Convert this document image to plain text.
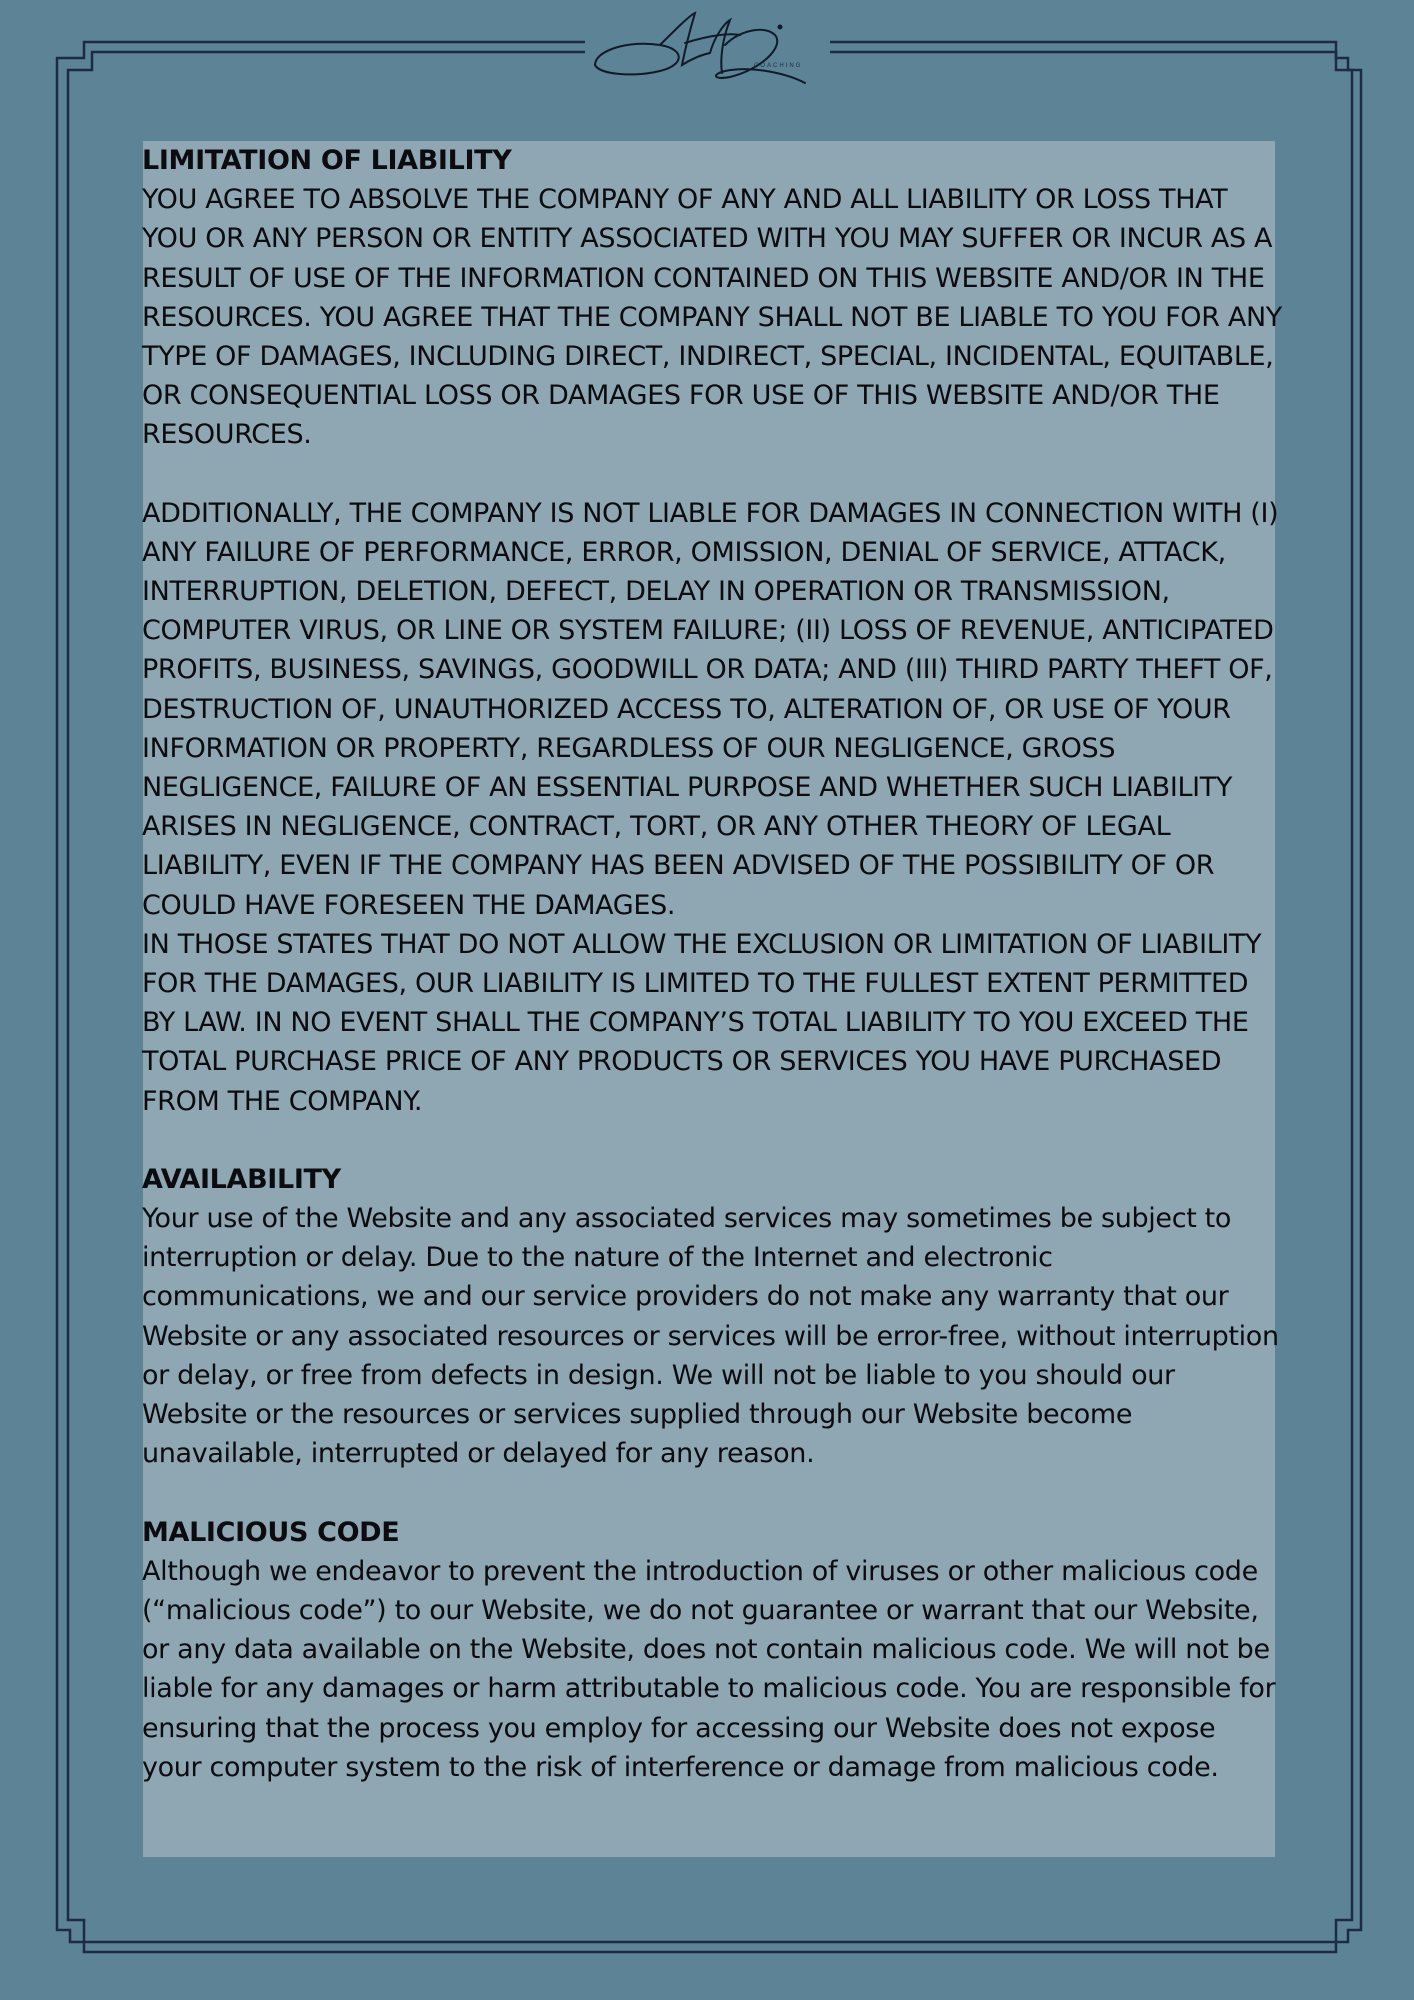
COACHING
LIMITATION OF LIABILITY
YOU AGREE TO ABSOLVE THE COMPANY OF ANY AND ALL LIABILITY OR LOSS THAT YOU OR ANY PERSON OR ENTITY ASSOCIATED WITH YOU MAY SUFFER OR INCUR AS A RESULT OF USE OF THE INFORMATION CONTAINED ON THIS WEBSITE AND/OR IN THE RESOURCES. YOU AGREE THAT THE COMPANY SHALL NOT BE LIABLE TO YOU FOR ANY TYPE OF DAMAGES, INCLUDING DIRECT, INDIRECT, SPECIAL, INCIDENTAL, EQUITABLE, OR CONSEQUENTIAL LOSS OR DAMAGES FOR USE OF THIS WEBSITE AND/OR THE RESOURCES.
ADDITIONALLY, THE COMPANY IS NOT LIABLE FOR DAMAGES IN CONNECTION WITH (I) ANY FAILURE OF PERFORMANCE, ERROR, OMISSION, DENIAL OF SERVICE, ATTACK, INTERRUPTION, DELETION, DEFECT, DELAY IN OPERATION OR TRANSMISSION, COMPUTER VIRUS, OR LINE OR SYSTEM FAILURE; (II) LOSS OF REVENUE, ANTICIPATED PROFITS, BUSINESS, SAVINGS, GOODWILL OR DATA; AND (III) THIRD PARTY THEFT OF, DESTRUCTION OF, UNAUTHORIZED ACCESS TO, ALTERATION OF, OR USE OF YOUR INFORMATION OR PROPERTY, REGARDLESS OF OUR NEGLIGENCE, GROSS NEGLIGENCE, FAILURE OF AN ESSENTIAL PURPOSE AND WHETHER SUCH LIABILITY ARISES IN NEGLIGENCE, CONTRACT, TORT, OR ANY OTHER THEORY OF LEGAL LIABILITY, EVEN IF THE COMPANY HAS BEEN ADVISED OF THE POSSIBILITY OF OR COULD HAVE FORESEEN THE DAMAGES.
IN THOSE STATES THAT DO NOT ALLOW THE EXCLUSION OR LIMITATION OF LIABILITY FOR THE DAMAGES, OUR LIABILITY IS LIMITED TO THE FULLEST EXTENT PERMITTED BY LAW. IN NO EVENT SHALL THE COMPANY’S TOTAL LIABILITY TO YOU EXCEED THE TOTAL PURCHASE PRICE OF ANY PRODUCTS OR SERVICES YOU HAVE PURCHASED FROM THE COMPANY.
AVAILABILITY
Your use of the Website and any associated services may sometimes be subject to interruption or delay. Due to the nature of the Internet and electronic communications, we and our service providers do not make any warranty that our Website or any associated resources or services will be error-free, without interruption or delay, or free from defects in design. We will not be liable to you should our Website or the resources or services supplied through our Website become unavailable, interrupted or delayed for any reason.
MALICIOUS CODE
Although we endeavor to prevent the introduction of viruses or other malicious code (“malicious code”) to our Website, we do not guarantee or warrant that our Website, or any data available on the Website, does not contain malicious code. We will not be liable for any damages or harm attributable to malicious code. You are responsible for ensuring that the process you employ for accessing our Website does not expose your computer system to the risk of interference or damage from malicious code.
